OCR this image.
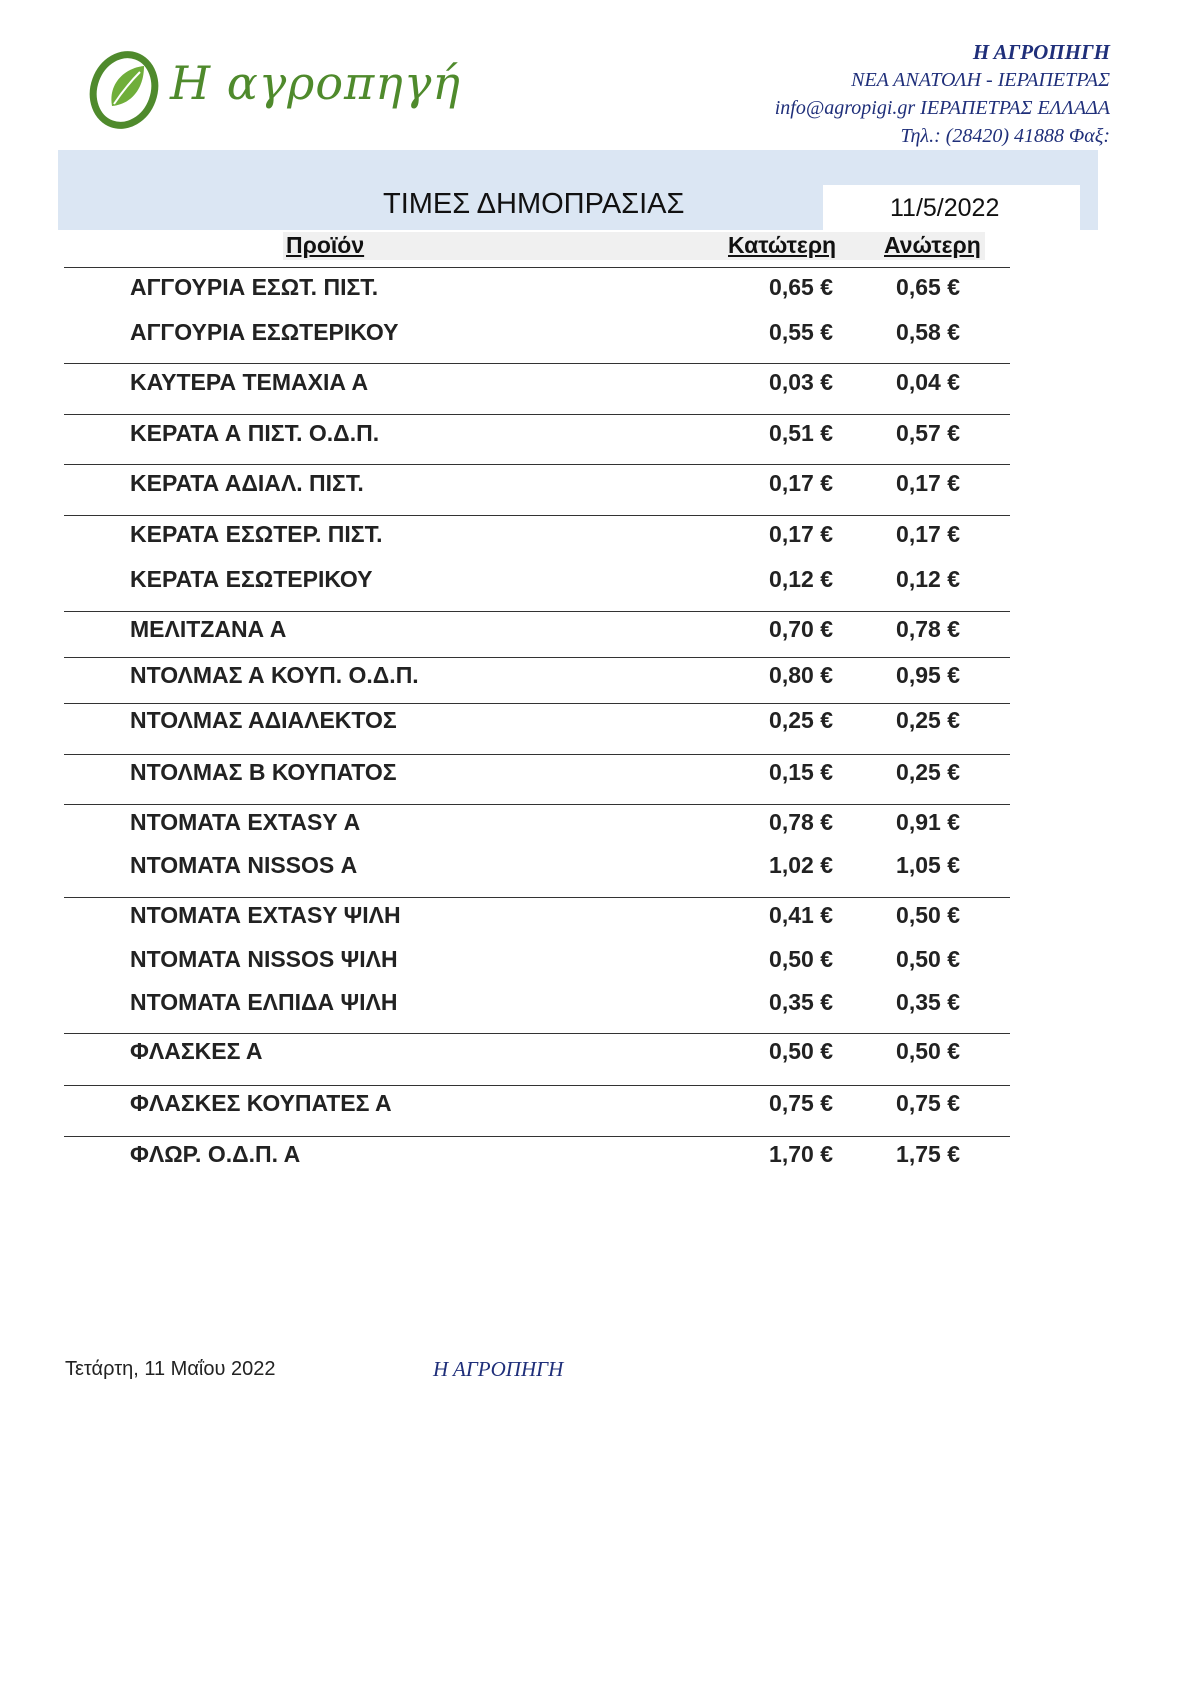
Η αγροπηγή
Η ΑΓΡΟΠΗΓΗ
ΝΕΑ ΑΝΑΤΟΛΗ - ΙΕΡΑΠΕΤΡΑΣ
info@agropigi.gr ΙΕΡΑΠΕΤΡΑΣ ΕΛΛΑΔΑ
Τηλ.: (28420) 41888 Φαξ:
ΤΙΜΕΣ ΔΗΜΟΠΡΑΣΙΑΣ	11/5/2022
Προϊόν	Κατώτερη Ανώτερη
ΑΓΓΟΥΡΙΑ ΕΣΩΤ. ΠΙΣΤ.	0,65 €	0,65 €
ΑΓΓΟΥΡΙΑ ΕΣΩΤΕΡΙΚΟΥ	0,55 €	0,58 €
ΚΑΥΤΕΡΑ ΤΕΜΑΧΙΑ Α	0,03 €	0,04 €
ΚΕΡΑΤΑ Α ΠΙΣΤ. Ο.Δ.Π.	0,51 €	0,57 €
ΚΕΡΑΤΑ ΑΔΙΑΛ. ΠΙΣΤ.	0,17 €	0,17 €
ΚΕΡΑΤΑ ΕΣΩΤΕΡ. ΠΙΣΤ.	0,17 €	0,17 €
ΚΕΡΑΤΑ ΕΣΩΤΕΡΙΚΟΥ	0,12 €	0,12 €
ΜΕΛΙΤΖΑΝΑ Α	0,70 €	0,78 €
ΝΤΟΛΜΑΣ Α ΚΟΥΠ. Ο.Δ.Π.	0,80 €	0,95 €
ΝΤΟΛΜΑΣ ΑΔΙΑΛΕΚΤΟΣ	0,25 €	0,25 €
ΝΤΟΛΜΑΣ Β ΚΟΥΠΑΤΟΣ	0,15 €	0,25 €
ΝΤΟΜΑΤΑ EXTASY Α	0,78 €	0,91 €
ΝΤΟΜΑΤΑ NISSOS Α	1,02 €	1,05 €
ΝΤΟΜΑΤΑ EXTASY ΨΙΛΗ	0,41 €	0,50 €
ΝΤΟΜΑΤΑ NISSOS ΨΙΛΗ	0,50 €	0,50 €
ΝΤΟΜΑΤΑ ΕΛΠΙΔΑ ΨΙΛΗ	0,35 €	0,35 €
ΦΛΑΣΚΕΣ Α	0,50 €	0,50 €
ΦΛΑΣΚΕΣ ΚΟΥΠΑΤΕΣ Α	0,75 €	0,75 €
ΦΛΩΡ. Ο.Δ.Π. Α	1,70 €	1,75 €
Τετάρτη, 11 Μαΐου 2022	Η ΑΓΡΟΠΗΓΗ
